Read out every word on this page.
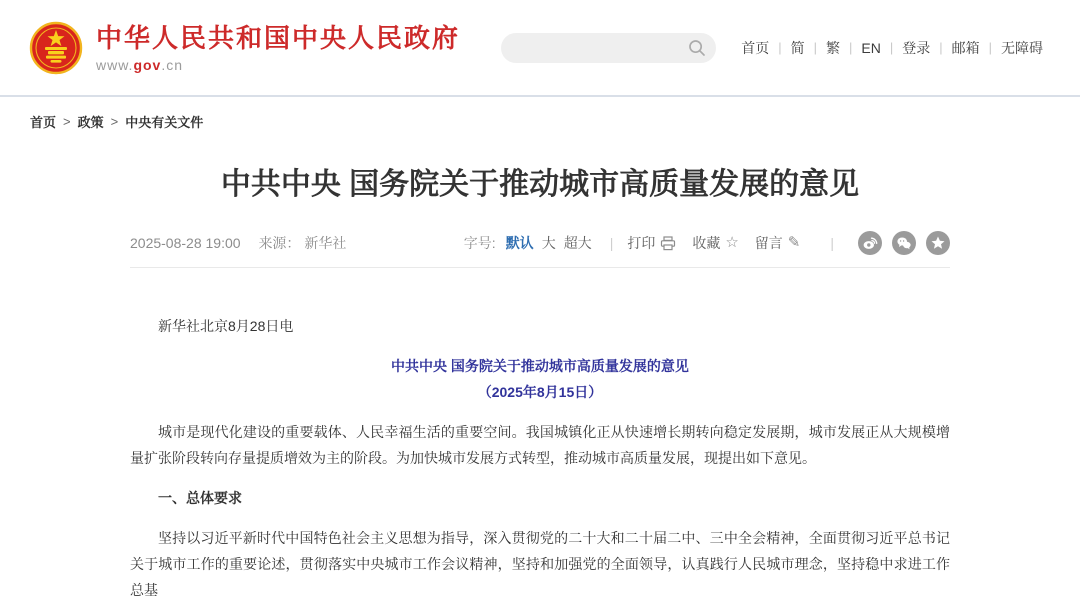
中华人民共和国中央人民政府
www.gov.cn
首页 | 简 | 繁 | EN | 登录 | 邮箱 | 无障碍
首页 > 政策 > 中央有关文件
中共中央 国务院关于推动城市高质量发展的意见
2025-08-28 19:00 来源： 新华社	字号: 默认 大 超大 | 打印	收藏 ☆ 留言 ✎ |

新华社北京8月28日电

中共中央 国务院关于推动城市高质量发展的意见
（2025年8月15日）

城市是现代化建设的重要载体、人民幸福生活的重要空间。我国城镇化正从快速增长期转向稳定发展期，城市发展正从大规模增量扩张阶段转向存量提质增效为主的阶段。为加快城市发展方式转型，推动城市高质量发展，现提出如下意见。

一、总体要求

坚持以习近平新时代中国特色社会主义思想为指导，深入贯彻党的二十大和二十届二中、三中全会精神，全面贯彻习近平总书记关于城市工作的重要论述，贯彻落实中央城市工作会议精神，坚持和加强党的全面领导，认真践行人民城市理念，坚持稳中求进工作总基
